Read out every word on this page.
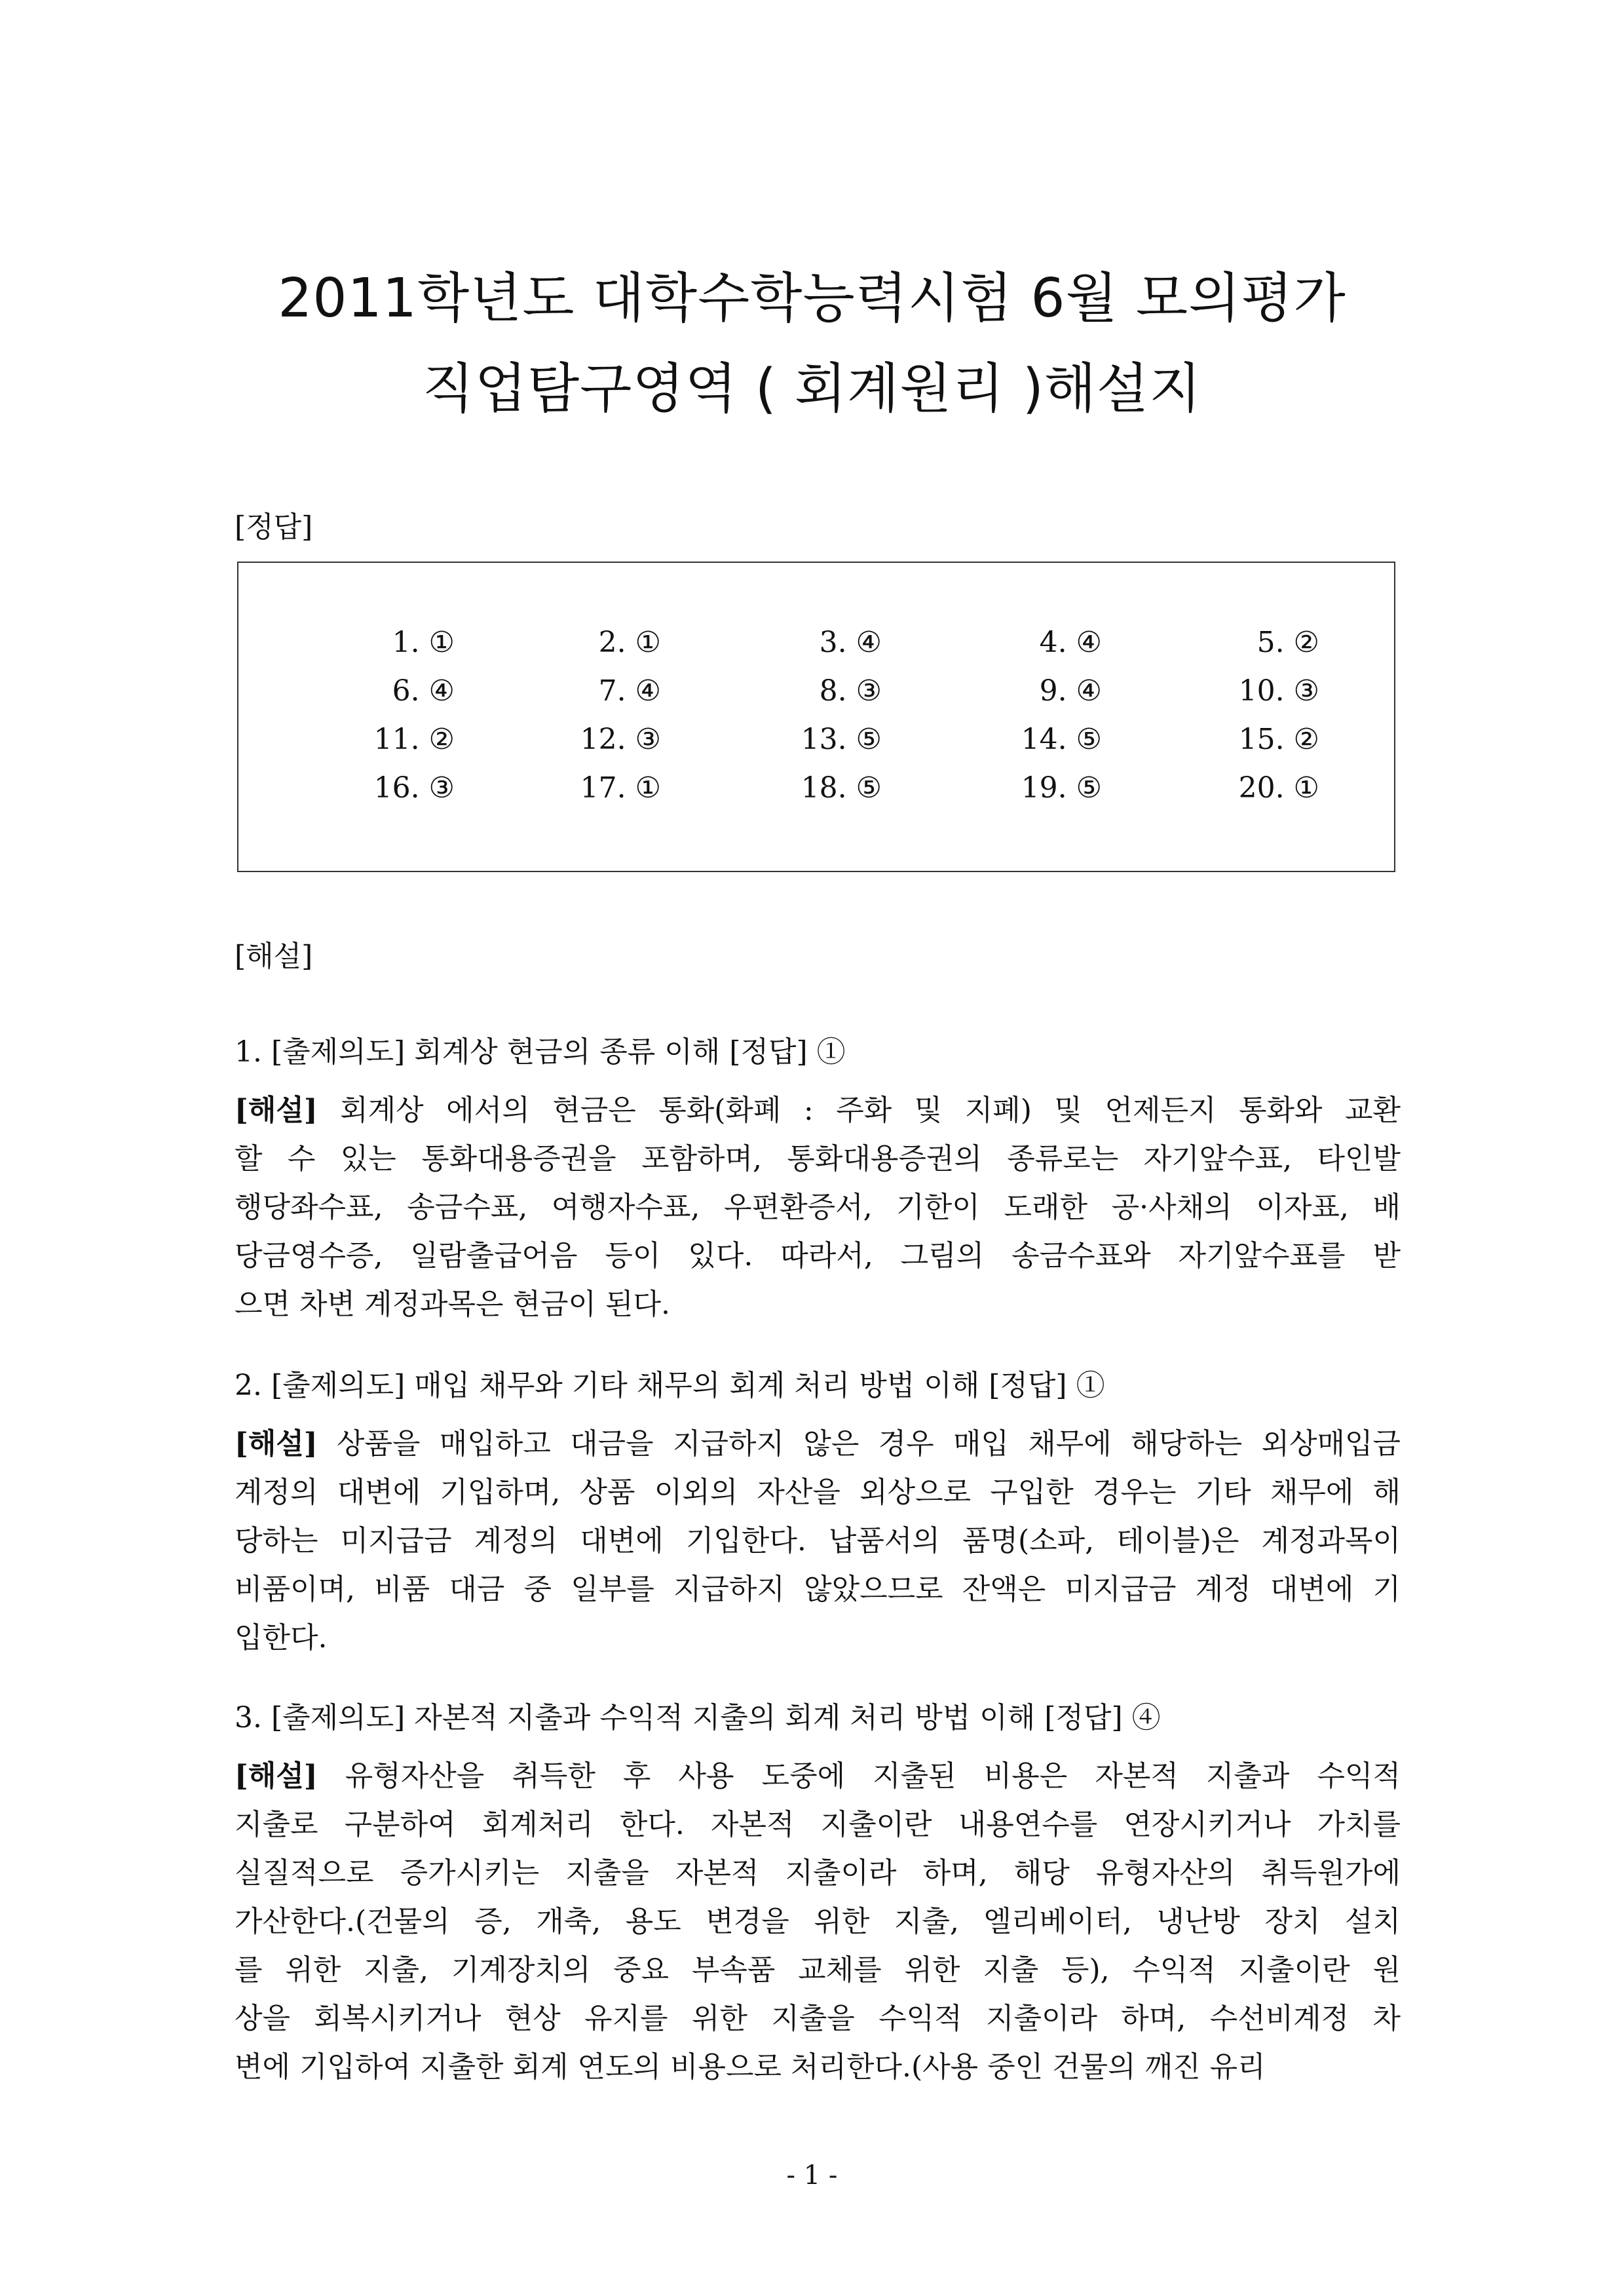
2011학년도 대학수학능력시험 6월 모의평가
직업탐구영역 ( 회계원리 )해설지
[정답]
1. ①	2. ①	3. ④	4. ④	5. ②
6. ④	7. ④	8. ③	9. ④	10. ③
11. ②	12. ③	13. ⑤	14. ⑤	15. ②
16. ③	17. ①	18. ⑤	19. ⑤	20. ①
[해설]
1. [출제의도] 회계상 현금의 종류 이해 [정답] ①
[해설] 회계상 에서의 현금은 통화(화폐 : 주화 및 지폐) 및 언제든지 통화와 교환
할 수 있는 통화대용증권을 포함하며, 통화대용증권의 종류로는 자기앞수표, 타인발
행당좌수표, 송금수표, 여행자수표, 우편환증서, 기한이 도래한 공·사채의 이자표, 배
당금영수증, 일람출급어음 등이 있다. 따라서, 그림의 송금수표와 자기앞수표를 받
으면 차변 계정과목은 현금이 된다.
2. [출제의도] 매입 채무와 기타 채무의 회계 처리 방법 이해 [정답] ①
[해설] 상품을 매입하고 대금을 지급하지 않은 경우 매입 채무에 해당하는 외상매입금
계정의 대변에 기입하며, 상품 이외의 자산을 외상으로 구입한 경우는 기타 채무에 해
당하는 미지급금 계정의 대변에 기입한다. 납품서의 품명(소파, 테이블)은 계정과목이
비품이며, 비품 대금 중 일부를 지급하지 않았으므로 잔액은 미지급금 계정 대변에 기
입한다.
3. [출제의도] 자본적 지출과 수익적 지출의 회계 처리 방법 이해 [정답] ④
[해설] 유형자산을 취득한 후 사용 도중에 지출된 비용은 자본적 지출과 수익적
지출로 구분하여 회계처리 한다. 자본적 지출이란 내용연수를 연장시키거나 가치를
실질적으로 증가시키는 지출을 자본적 지출이라 하며, 해당 유형자산의 취득원가에
가산한다.(건물의 증, 개축, 용도 변경을 위한 지출, 엘리베이터, 냉난방 장치 설치
를 위한 지출, 기계장치의 중요 부속품 교체를 위한 지출 등), 수익적 지출이란 원
상을 회복시키거나 현상 유지를 위한 지출을 수익적 지출이라 하며, 수선비계정 차
변에 기입하여 지출한 회계 연도의 비용으로 처리한다.(사용 중인 건물의 깨진 유리
- 1 -
